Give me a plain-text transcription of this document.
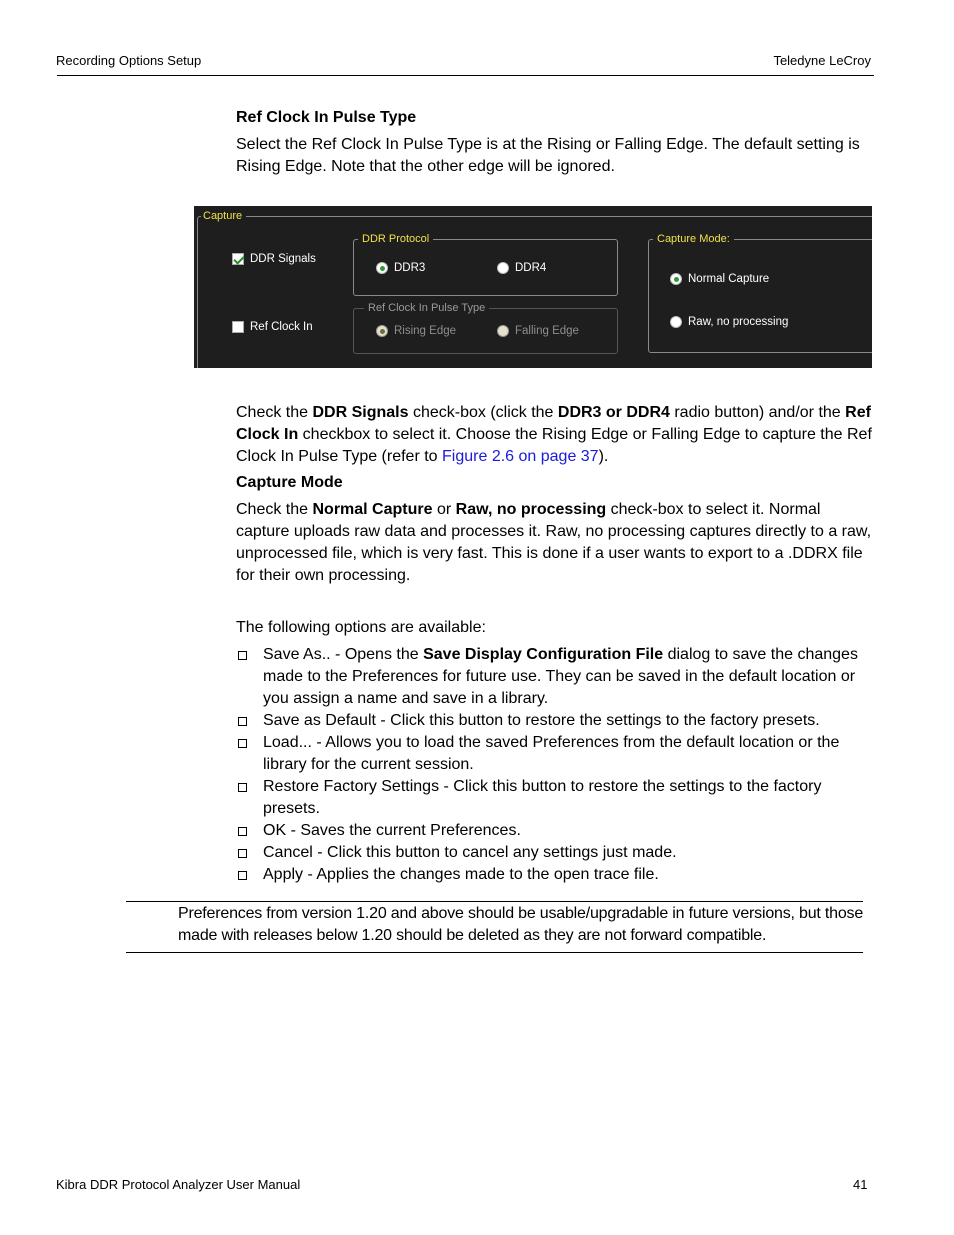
Recording Options Setup	Teledyne LeCroy
Ref Clock In Pulse Type
Select the Ref Clock In Pulse Type is at the Rising or Falling Edge. The default setting is Rising Edge. Note that the other edge will be ignored.
Capture
DDR Signals
Ref Clock In
DDR Protocol
DDR3	DDR4
Ref Clock In Pulse Type
Rising Edge	Falling Edge
Capture Mode:
Normal Capture
Raw, no processing
Check the DDR Signals check-box (click the DDR3 or DDR4 radio button) and/or the Ref Clock In checkbox to select it. Choose the Rising Edge or Falling Edge to capture the Ref Clock In Pulse Type (refer to Figure 2.6 on page 37).
Capture Mode
Check the Normal Capture or Raw, no processing check-box to select it. Normal capture uploads raw data and processes it. Raw, no processing captures directly to a raw, unprocessed file, which is very fast. This is done if a user wants to export to a .DDRX file for their own processing.
The following options are available:
Save As.. - Opens the Save Display Configuration File dialog to save the changes made to the Preferences for future use. They can be saved in the default location or you assign a name and save in a library.
Save as Default - Click this button to restore the settings to the factory presets.
Load... - Allows you to load the saved Preferences from the default location or the library for the current session.
Restore Factory Settings - Click this button to restore the settings to the factory presets.
OK - Saves the current Preferences.
Cancel - Click this button to cancel any settings just made.
Apply - Applies the changes made to the open trace file.
Preferences from version 1.20 and above should be usable/upgradable in future versions, but those made with releases below 1.20 should be deleted as they are not forward compatible.
Kibra DDR Protocol Analyzer User Manual	41
